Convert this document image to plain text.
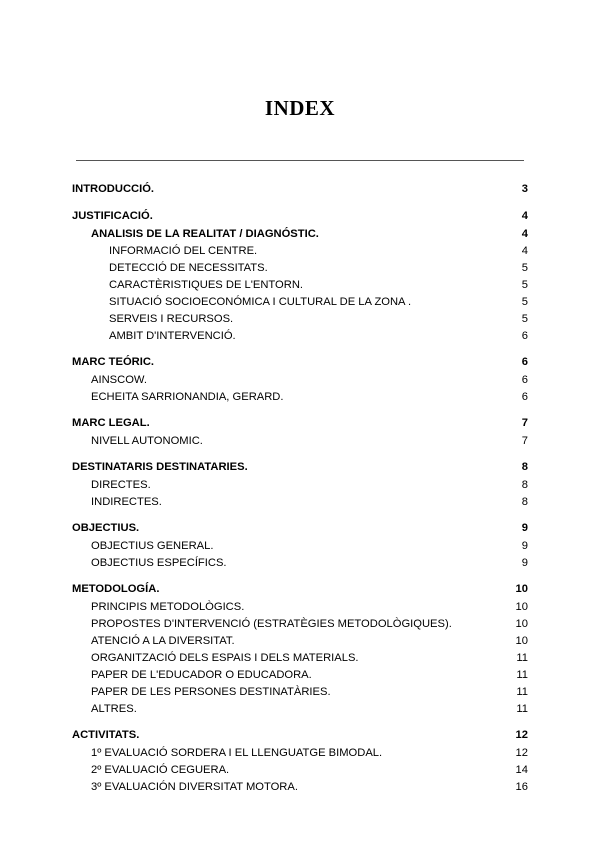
INDEX
INTRODUCCIÓ.	3
JUSTIFICACIÓ.	4
ANALISIS DE LA REALITAT / DIAGNÓSTIC.	4
INFORMACIÓ DEL CENTRE.	4
DETECCIÓ DE NECESSITATS.	5
CARACTÈRISTIQUES DE L'ENTORN.	5
SITUACIÓ SOCIOECONÓMICA I CULTURAL DE LA ZONA .	5
SERVEIS I RECURSOS.	5
AMBIT D'INTERVENCIÓ.	6
MARC TEÓRIC.	6
AINSCOW.	6
ECHEITA SARRIONANDIA, GERARD.	6
MARC LEGAL.	7
NIVELL AUTONOMIC.	7
DESTINATARIS DESTINATARIES.	8
DIRECTES.	8
INDIRECTES.	8
OBJECTIUS.	9
OBJECTIUS GENERAL.	9
OBJECTIUS ESPECÍFICS.	9
METODOLOGÍA.	10
PRINCIPIS METODOLÒGICS.	10
PROPOSTES D'INTERVENCIÓ (ESTRATÈGIES METODOLÒGIQUES).	10
ATENCIÓ A LA DIVERSITAT.	10
ORGANITZACIÓ DELS ESPAIS I DELS MATERIALS.	11
PAPER DE L'EDUCADOR O EDUCADORA.	11
PAPER DE LES PERSONES DESTINATÀRIES.	11
ALTRES.	11
ACTIVITATS.	12
1º EVALUACIÓ SORDERA I EL LLENGUATGE BIMODAL.	12
2º EVALUACIÓ CEGUERA.	14
3º EVALUACIÓN DIVERSITAT MOTORA.	16
